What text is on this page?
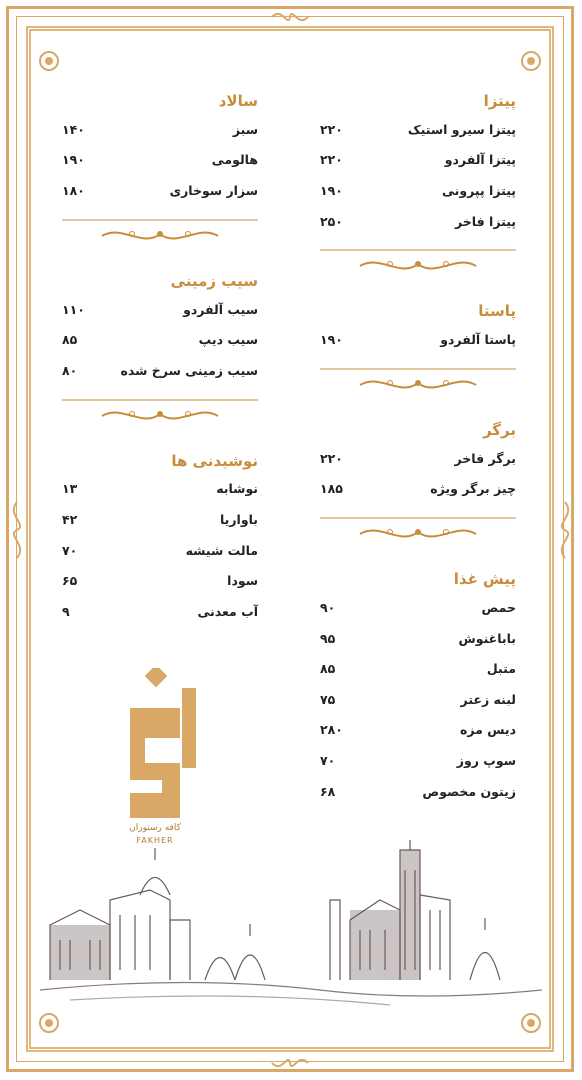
پیتزا
پیتزا سیرو استیک
۲۲۰
پیتزا آلفردو
۲۲۰
پیتزا پپرونی
۱۹۰
پیتزا فاخر
۲۵۰
پاستا
پاستا آلفردو
۱۹۰
برگر
برگر فاخر
۲۲۰
چیز برگر ویژه
۱۸۵
پیش غذا
حمص
۹۰
باباغنوش
۹۵
متبل
۸۵
لبنه زعتر
۷۵
دیس مزه
۲۸۰
سوپ روز
۷۰
زیتون مخصوص
۶۸
سالاد
سبز
۱۴۰
هالومی
۱۹۰
سزار سوخاری
۱۸۰
سیب زمینی
سیب آلفردو
۱۱۰
سیب دیپ
۸۵
سیب زمینی سرخ شده
۸۰
نوشیدنی ها
نوشابه
۱۳
باواریا
۴۲
مالت شیشه
۷۰
سودا
۶۵
آب معدنی
۹
کافه رستوران
FAKHER
